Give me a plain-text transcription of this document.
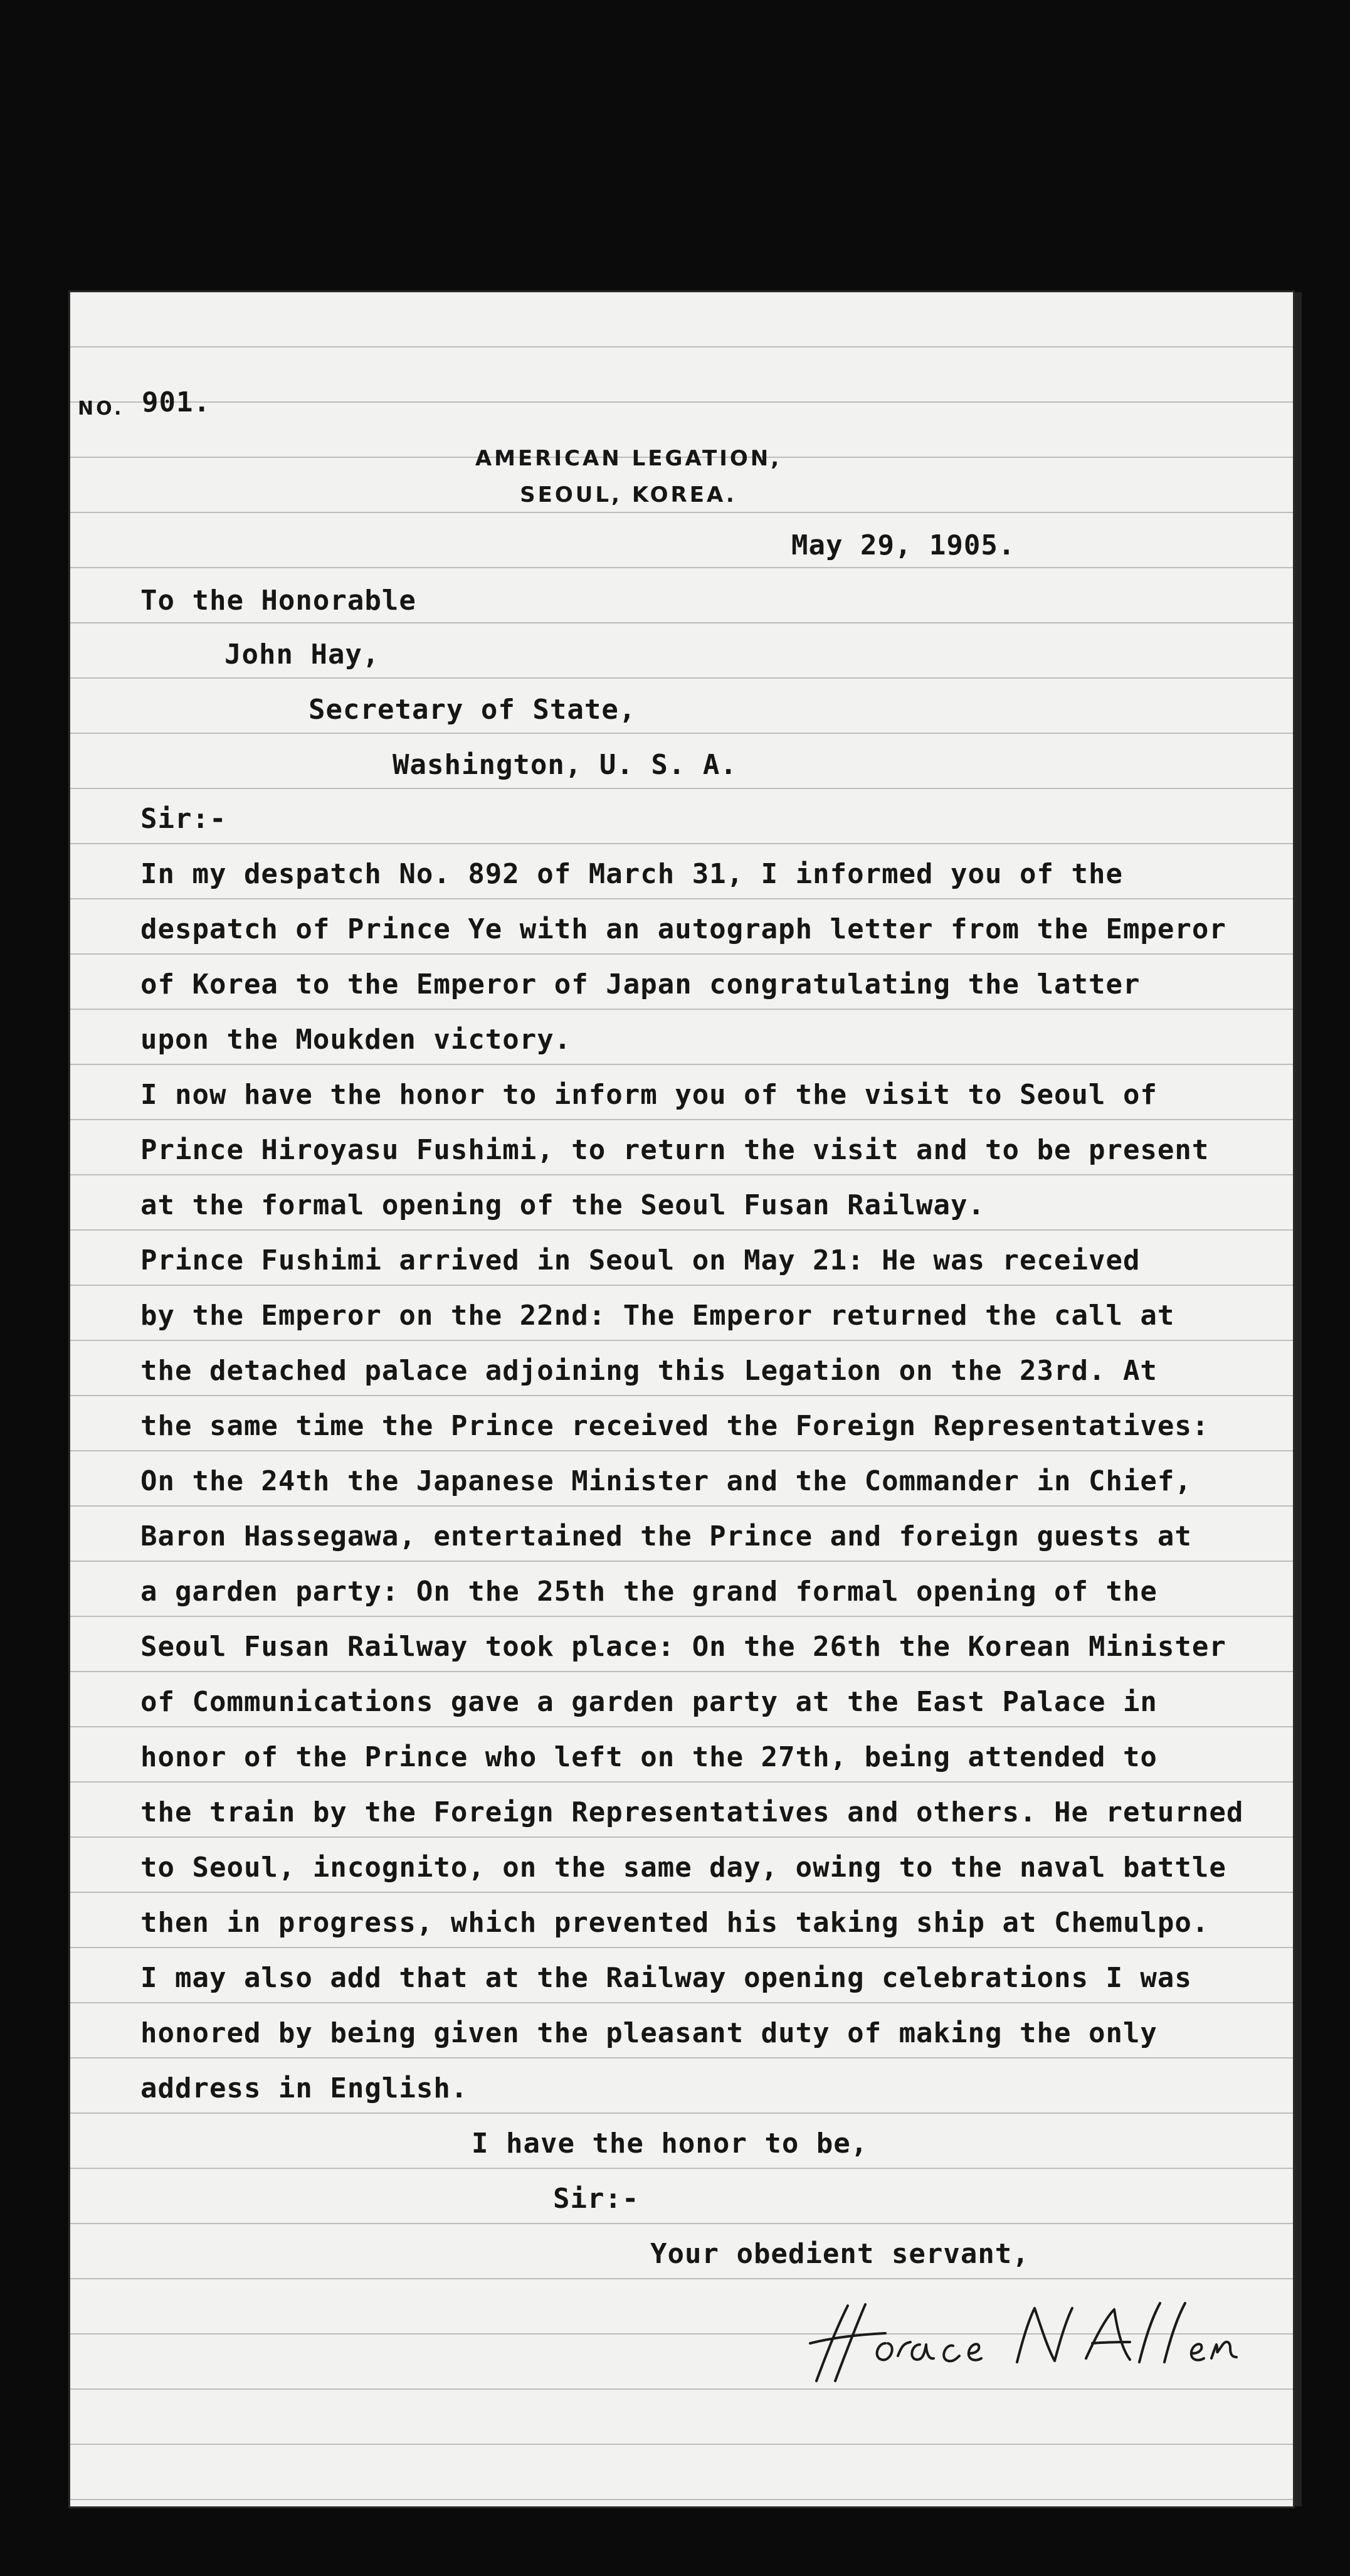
NO. 901.
AMERICAN LEGATION,
SEOUL, KOREA.
May 29, 1905.
To the Honorable
John Hay,
Secretary of State,
Washington, U. S. A.
Sir:-
In my despatch No. 892 of March 31, I informed you of the
despatch of Prince Ye with an autograph letter from the Emperor
of Korea to the Emperor of Japan congratulating the latter
upon the Moukden victory.
I now have the honor to inform you of the visit to Seoul of
Prince Hiroyasu Fushimi, to return the visit and to be present
at the formal opening of the Seoul Fusan Railway.
Prince Fushimi arrived in Seoul on May 21: He was received
by the Emperor on the 22nd: The Emperor returned the call at
the detached palace adjoining this Legation on the 23rd. At
the same time the Prince received the Foreign Representatives:
On the 24th the Japanese Minister and the Commander in Chief,
Baron Hassegawa, entertained the Prince and foreign guests at
a garden party: On the 25th the grand formal opening of the
Seoul Fusan Railway took place: On the 26th the Korean Minister
of Communications gave a garden party at the East Palace in
honor of the Prince who left on the 27th, being attended to
the train by the Foreign Representatives and others. He returned
to Seoul, incognito, on the same day, owing to the naval battle
then in progress, which prevented his taking ship at Chemulpo.
I may also add that at the Railway opening celebrations I was
honored by being given the pleasant duty of making the only
address in English.
I have the honor to be,
Sir:-
Your obedient servant,
